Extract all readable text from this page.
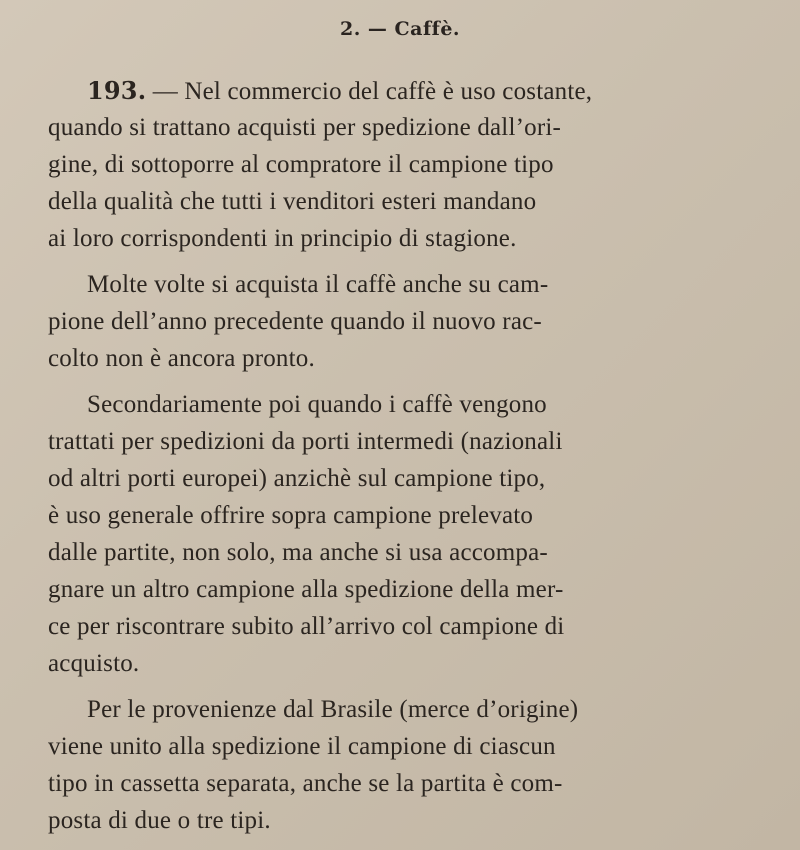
2. — Caffè.
193. — Nel commercio del caffè è uso costante,
quando si trattano acquisti per spedizione dall’ori-
gine, di sottoporre al compratore il campione tipo
della qualità che tutti i venditori esteri mandano
ai loro corrispondenti in principio di stagione.
Molte volte si acquista il caffè anche su cam-
pione dell’anno precedente quando il nuovo rac-
colto non è ancora pronto.
Secondariamente poi quando i caffè vengono
trattati per spedizioni da porti intermedi (nazionali
od altri porti europei) anzichè sul campione tipo,
è uso generale offrire sopra campione prelevato
dalle partite, non solo, ma anche si usa accompa-
gnare un altro campione alla spedizione della mer-
ce per riscontrare subito all’arrivo col campione di
acquisto.
Per le provenienze dal Brasile (merce d’origine)
viene unito alla spedizione il campione di ciascun
tipo in cassetta separata, anche se la partita è com-
posta di due o tre tipi.
